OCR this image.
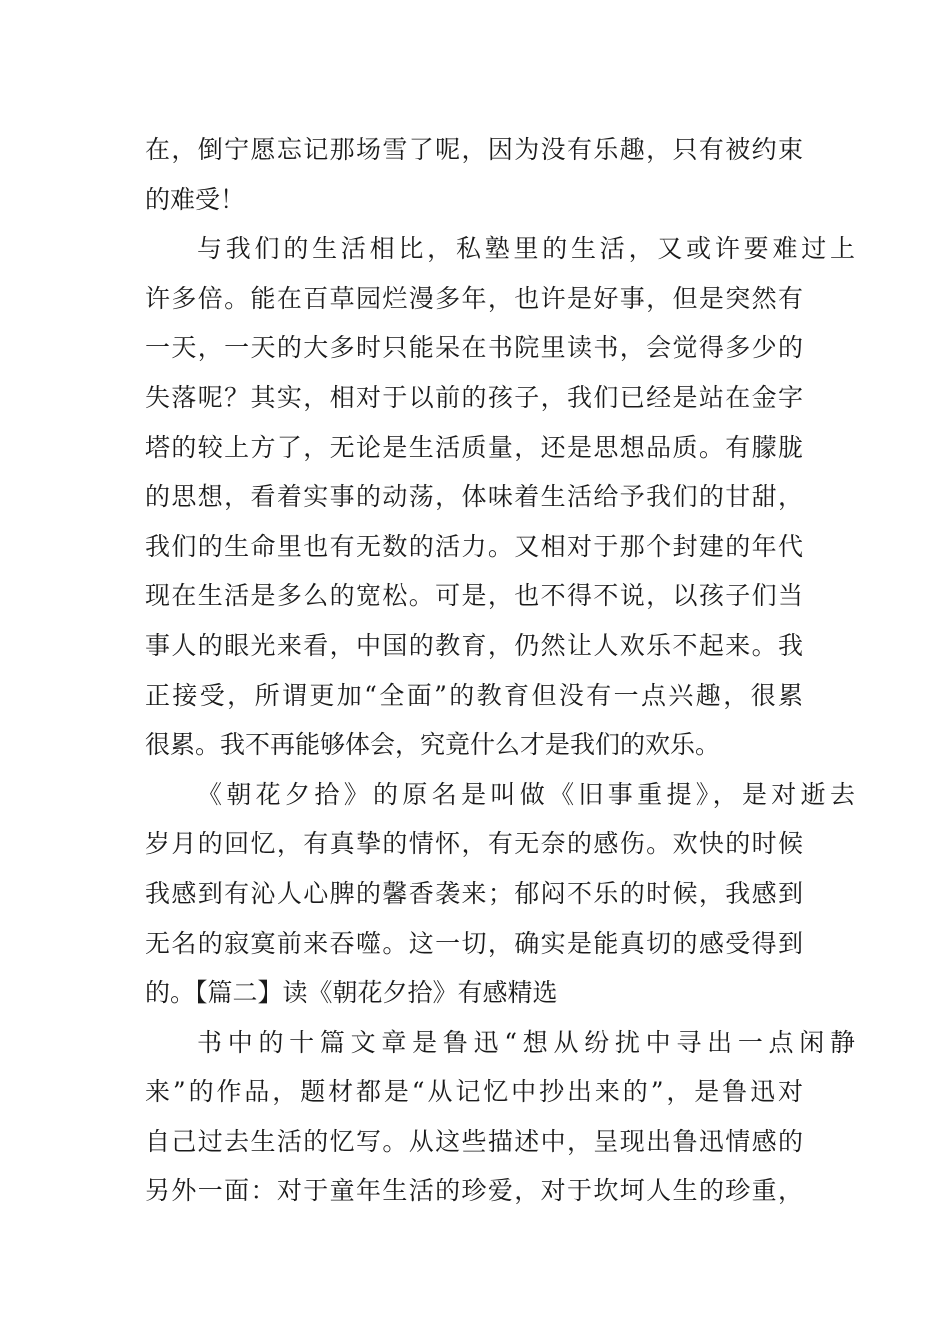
在，倒宁愿忘记那场雪了呢，因为没有乐趣，只有被约束
的难受！
与我们的生活相比，私塾里的生活，又或许要难过上
许多倍。能在百草园烂漫多年，也许是好事，但是突然有
一天，一天的大多时只能呆在书院里读书，会觉得多少的
失落呢？其实，相对于以前的孩子，我们已经是站在金字
塔的较上方了，无论是生活质量，还是思想品质。有朦胧
的思想，看着实事的动荡，体味着生活给予我们的甘甜，
我们的生命里也有无数的活力。又相对于那个封建的年代
现在生活是多么的宽松。可是，也不得不说，以孩子们当
事人的眼光来看，中国的教育，仍然让人欢乐不起来。我
正接受，所谓更加“全面”的教育但没有一点兴趣，很累
很累。我不再能够体会，究竟什么才是我们的欢乐。
《朝花夕拾》的原名是叫做《旧事重提》，是对逝去
岁月的回忆，有真挚的情怀，有无奈的感伤。欢快的时候
我感到有沁人心脾的馨香袭来；郁闷不乐的时候，我感到
无名的寂寞前来吞噬。这一切，确实是能真切的感受得到
的。【篇二】读《朝花夕拾》有感精选
书中的十篇文章是鲁迅“想从纷扰中寻出一点闲静
来”的作品，题材都是“从记忆中抄出来的”，是鲁迅对
自己过去生活的忆写。从这些描述中，呈现出鲁迅情感的
另外一面：对于童年生活的珍爱，对于坎坷人生的珍重，
